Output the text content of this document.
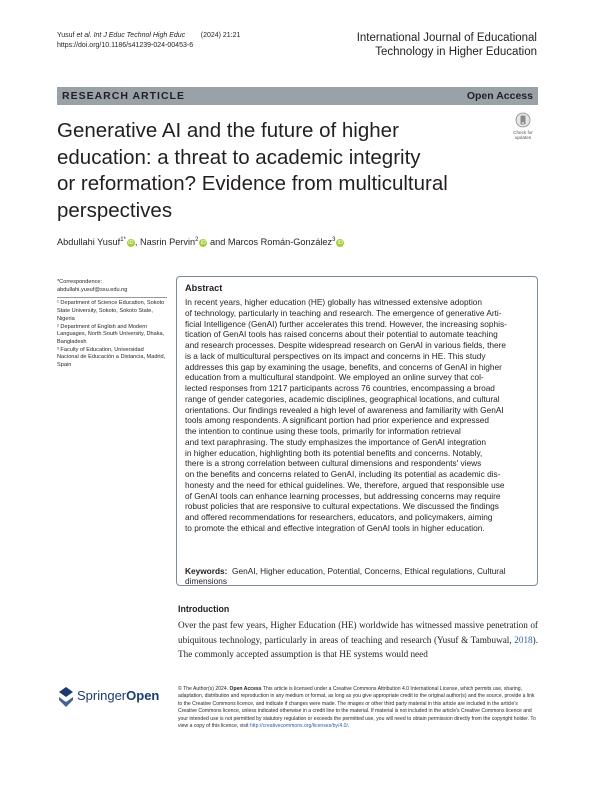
Yusuf et al. Int J Educ Technol High Educ (2024) 21:21
https://doi.org/10.1186/s41239-024-00453-6
International Journal of Educational
Technology in Higher Education
RESEARCH ARTICLE	Open Access
Check for
updates
Generative AI and the future of higher
education: a threat to academic integrity
or reformation? Evidence from multicultural
perspectives
Abdullahi Yusuf$^{1*}$iD, Nasrin Pervin$^2$iD and Marcos Román-González$^3$iD
*Correspondence:
abdullahi.yusuf@ssu.edu.ng
¹ Department of Science Education, Sokoto State University, Sokoto, Sokoto State, Nigeria
² Department of English and Modern Languages, North South University, Dhaka, Bangladesh
³ Faculty of Education, Universidad Nacional de Educación a Distancia, Madrid, Spain
Abstract
In recent years, higher education (HE) globally has witnessed extensive adoption
of technology, particularly in teaching and research. The emergence of generative Arti-
ficial Intelligence (GenAI) further accelerates this trend. However, the increasing sophis-
tication of GenAI tools has raised concerns about their potential to automate teaching
and research processes. Despite widespread research on GenAI in various fields, there
is a lack of multicultural perspectives on its impact and concerns in HE. This study
addresses this gap by examining the usage, benefits, and concerns of GenAI in higher
education from a multicultural standpoint. We employed an online survey that col-
lected responses from 1217 participants across 76 countries, encompassing a broad
range of gender categories, academic disciplines, geographical locations, and cultural
orientations. Our findings revealed a high level of awareness and familiarity with GenAI
tools among respondents. A significant portion had prior experience and expressed
the intention to continue using these tools, primarily for information retrieval
and text paraphrasing. The study emphasizes the importance of GenAI integration
in higher education, highlighting both its potential benefits and concerns. Notably,
there is a strong correlation between cultural dimensions and respondents' views
on the benefits and concerns related to GenAI, including its potential as academic dis-
honesty and the need for ethical guidelines. We, therefore, argued that responsible use
of GenAI tools can enhance learning processes, but addressing concerns may require
robust policies that are responsive to cultural expectations. We discussed the findings
and offered recommendations for researchers, educators, and policymakers, aiming
to promote the ethical and effective integration of GenAI tools in higher education.
Keywords: GenAI, Higher education, Potential, Concerns, Ethical regulations, Cultural dimensions
Introduction
Over the past few years, Higher Education (HE) worldwide has witnessed massive penetration of ubiquitous technology, particularly in areas of teaching and research (Yusuf & Tambuwal, 2018). The commonly accepted assumption is that HE systems would need
SpringerOpen	© The Author(s) 2024. Open Access This article is licensed under a Creative Commons Attribution 4.0 International License, which permits use, sharing, adaptation, distribution and reproduction in any medium or format, as long as you give appropriate credit to the original author(s) and the source, provide a link to the Creative Commons licence, and indicate if changes were made. The images or other third party material in this article are included in the article's Creative Commons licence, unless indicated otherwise in a credit line to the material. If material is not included in the article's Creative Commons licence and your intended use is not permitted by statutory regulation or exceeds the permitted use, you will need to obtain permission directly from the copyright holder. To view a copy of this licence, visit http://creativecommons.org/licenses/by/4.0/.
